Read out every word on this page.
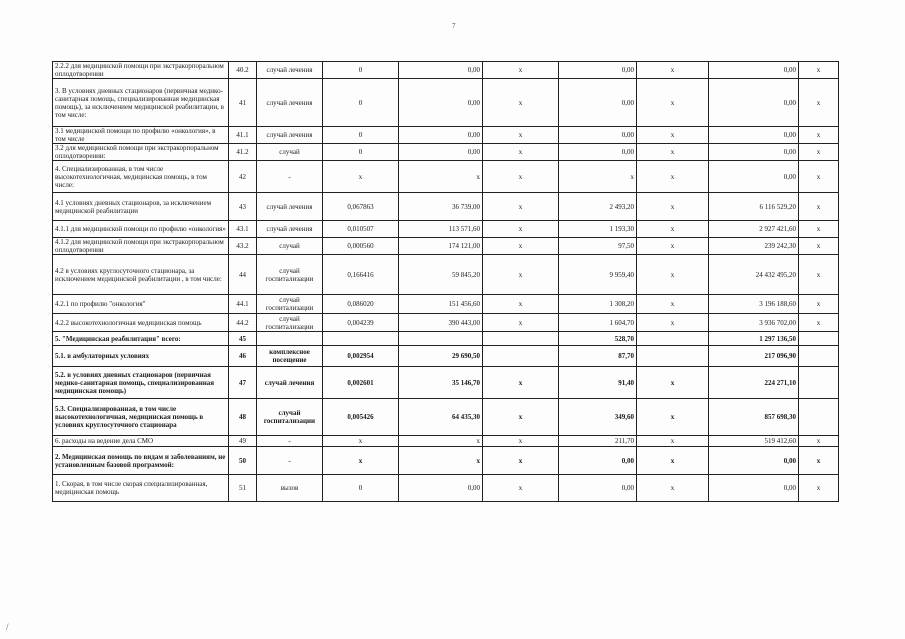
7
2.2.2 для медицинской помощи при экстракорпоральном оплодотворении	40.2	случай лечения	0	0,00	x	0,00	x	0,00	x
3. В условиях дневных стационаров (первичная медико-санитарная помощь, специализированная медицинская помощь), за исключением медицинской реабилитации, в том числе:	41	случай лечения	0	0,00	x	0,00	x	0,00	x
3.1 медицинской помощи по профилю «онкология», в том числе	41.1	случай лечения	0	0,00	x	0,00	x	0,00	x
3.2 для медицинской помощи при экстракорпоральном оплодотворении:	41.2	случай	0	0,00	x	0,00	x	0,00	x
4. Специализированная, в том числе высокотехнологичная, медицинская помощь, в том числе:	42	-	x	x	x	x	x	0,00	x
4.1 условиях дневных стационаров, за исключением медицинской реабилитации	43	случай лечения	0,067863	36 739,00	x	2 493,20	x	6 116 529,20	x
4.1.1 для медицинской помощи по профилю «онкология»	43.1	случай лечения	0,010507	113 571,60	x	1 193,30	x	2 927 421,60	x
4.1.2 для медицинской помощи при экстракорпоральном оплодотворении	43.2	случай	0,000560	174 121,00	x	97,50	x	239 242,30	x
4.2 в условиях круглосуточного стационара, за исключением медицинской реабилитации , в том числе:	44	случай госпитализации	0,166416	59 845,20	x	9 959,40	x	24 432 495,20	x
4.2.1 по профилю "онкология"	44.1	случай госпитализации	0,086020	151 456,60	x	1 308,20	x	3 196 188,60	x
4.2.2 высокотехнологичная медицинская помощь	44.2	случай госпитализации	0,004239	390 443,00	x	1 604,70	x	3 936 702,00	x
5. "Медицинская реабилитация" всего:	45					528,70		1 297 136,50	
5.1. в амбулаторных условиях	46	комплексное посещение	0,002954	29 690,50		87,70		217 096,90	
5.2. в условиях дневных стационаров (первичная медико-санитарная помощь, специализированная медицинская помощь)	47	случай лечения	0,002601	35 146,70	x	91,40	x	224 271,10	
5.3. Специализированная, в том числе высокотехнологичная, медицинская помощь в условиях круглосуточного стационара	48	случай госпитализации	0,005426	64 435,30	x	349,60	x	857 698,30	
6. расходы на ведение дела СМО	49	-	x	x	x	211,70	x	519 412,60	x
2. Медицинская помощь по видам и заболеваниям, не установленным базовой программой:	50	-	x	x	x	0,00	x	0,00	x
1. Скорая, в том числе скорая специализированная, медицинская помощь	51	вызов	0	0,00	x	0,00	x	0,00	x
/
